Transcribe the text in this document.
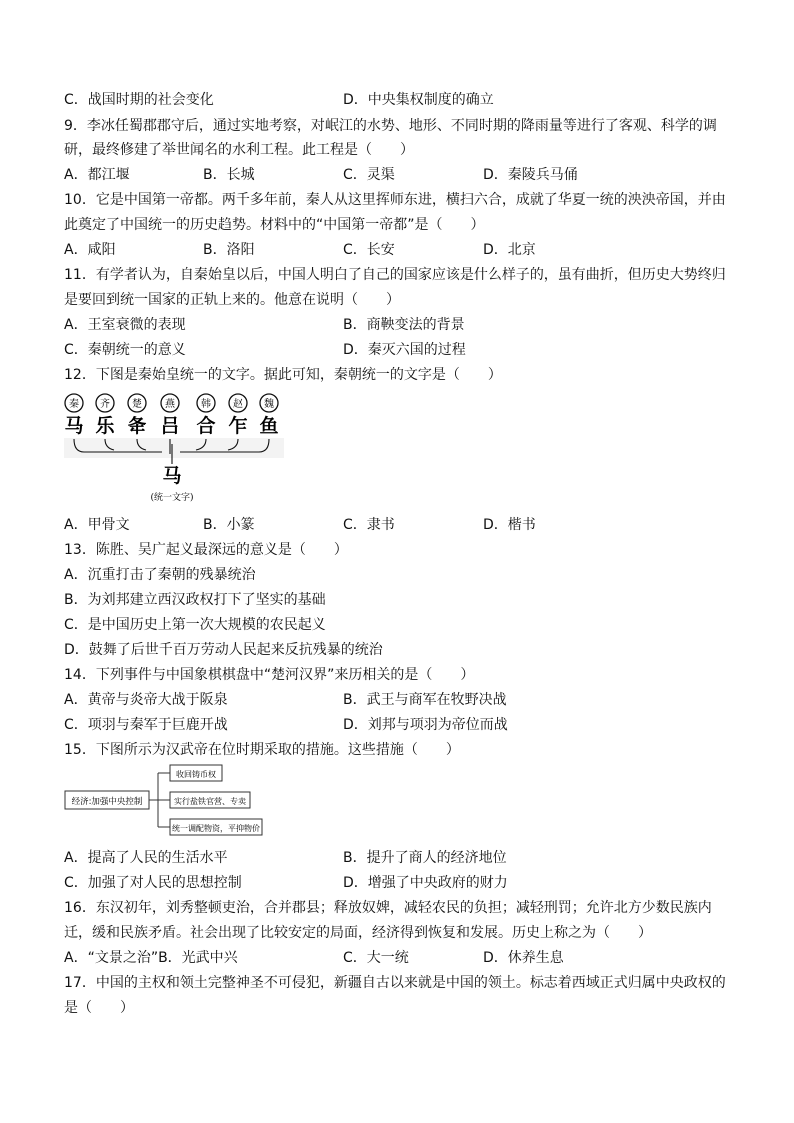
C．战国时期的社会变化	D．中央集权制度的确立
9．李冰任蜀郡郡守后，通过实地考察，对岷江的水势、地形、不同时期的降雨量等进行了客观、科学的调
研，最终修建了举世闻名的水利工程。此工程是（　　）
A．都江堰	B．长城	C．灵渠	D．秦陵兵马俑
10．它是中国第一帝都。两千多年前，秦人从这里挥师东进，横扫六合，成就了华夏一统的泱泱帝国，并由
此奠定了中国统一的历史趋势。材料中的“中国第一帝都”是（　　）
A．咸阳	B．洛阳	C．长安	D．北京
11．有学者认为，自秦始皇以后，中国人明白了自己的国家应该是什么样子的，虽有曲折，但历史大势终归
是要回到统一国家的正轨上来的。他意在说明（　　）
A．王室衰微的表现	B．商鞅变法的背景
C．秦朝统一的意义	D．秦灭六国的过程
12．下图是秦始皇统一的文字。据此可知，秦朝统一的文字是（　　）
秦 齐 楚 燕	韩 赵 魏
马 乐 夅 吕 合 乍 鱼
马
(统一文字)
A．甲骨文	B．小篆	C．隶书	D．楷书
13．陈胜、吴广起义最深远的意义是（　　）
A．沉重打击了秦朝的残暴统治
B．为刘邦建立西汉政权打下了坚实的基础
C．是中国历史上第一次大规模的农民起义
D．鼓舞了后世千百万劳动人民起来反抗残暴的统治
14．下列事件与中国象棋棋盘中“楚河汉界”来历相关的是（　　）
A．黄帝与炎帝大战于阪泉	B．武王与商军在牧野决战
C．项羽与秦军于巨鹿开战	D．刘邦与项羽为帝位而战
15．下图所示为汉武帝在位时期采取的措施。这些措施（　　）
经济:加强中央控制
收回铸币权
实行盐铁官营、专卖
统一调配物资，平抑物价
A．提高了人民的生活水平	B．提升了商人的经济地位
C．加强了对人民的思想控制	D．增强了中央政府的财力
16．东汉初年，刘秀整顿吏治，合并郡县；释放奴婢，减轻农民的负担；减轻刑罚；允许北方少数民族内
迁，缓和民族矛盾。社会出现了比较安定的局面，经济得到恢复和发展。历史上称之为（　　）
A．“文景之治”B．光武中兴	C．大一统	D．休养生息
17．中国的主权和领土完整神圣不可侵犯，新疆自古以来就是中国的领土。标志着西域正式归属中央政权的
是（　　）
